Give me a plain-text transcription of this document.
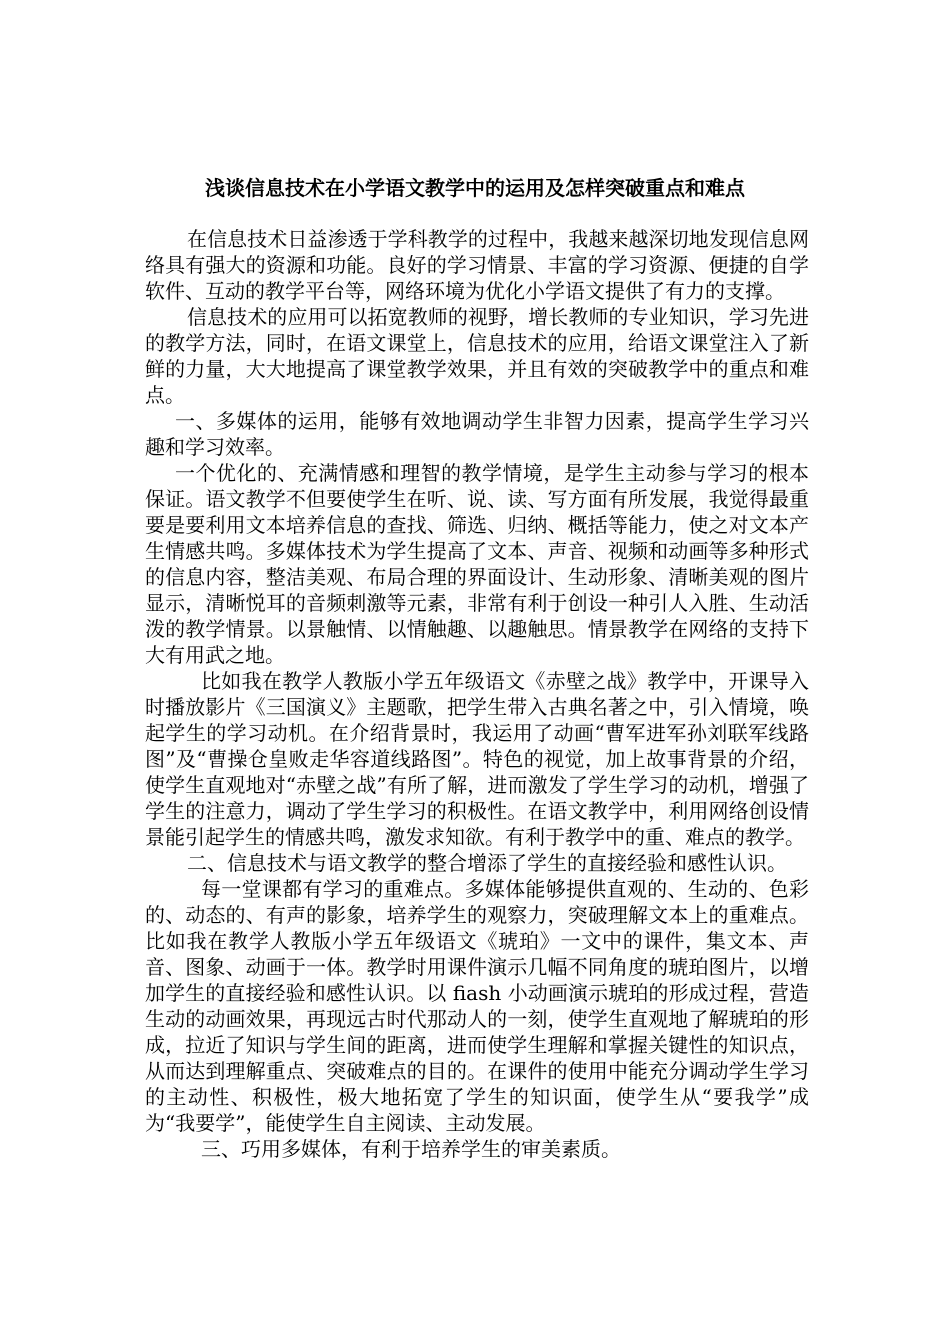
浅谈信息技术在小学语文教学中的运用及怎样突破重点和难点

在信息技术日益渗透于学科教学的过程中，我越来越深切地发现信息网络具有强大的资源和功能。良好的学习情景、丰富的学习资源、便捷的自学软件、互动的教学平台等，网络环境为优化小学语文提供了有力的支撑。

信息技术的应用可以拓宽教师的视野，增长教师的专业知识，学习先进的教学方法，同时，在语文课堂上，信息技术的应用，给语文课堂注入了新鲜的力量，大大地提高了课堂教学效果，并且有效的突破教学中的重点和难点。

一、多媒体的运用，能够有效地调动学生非智力因素，提高学生学习兴趣和学习效率。

一个优化的、充满情感和理智的教学情境，是学生主动参与学习的根本保证。语文教学不但要使学生在听、说、读、写方面有所发展，我觉得最重要是要利用文本培养信息的查找、筛选、归纳、概括等能力，使之对文本产生情感共鸣。多媒体技术为学生提高了文本、声音、视频和动画等多种形式的信息内容，整洁美观、布局合理的界面设计、生动形象、清晰美观的图片显示，清晰悦耳的音频刺激等元素，非常有利于创设一种引人入胜、生动活泼的教学情景。以景触情、以情触趣、以趣触思。情景教学在网络的支持下大有用武之地。

比如我在教学人教版小学五年级语文《赤壁之战》教学中，开课导入时播放影片《三国演义》主题歌，把学生带入古典名著之中，引入情境，唤起学生的学习动机。在介绍背景时，我运用了动画“曹军进军孙刘联军线路图”及“曹操仓皇败走华容道线路图”。特色的视觉，加上故事背景的介绍，使学生直观地对“赤壁之战”有所了解，进而激发了学生学习的动机，增强了学生的注意力，调动了学生学习的积极性。在语文教学中，利用网络创设情景能引起学生的情感共鸣，激发求知欲。有利于教学中的重、难点的教学。

二、信息技术与语文教学的整合增添了学生的直接经验和感性认识。

每一堂课都有学习的重难点。多媒体能够提供直观的、生动的、色彩的、动态的、有声的影象，培养学生的观察力，突破理解文本上的重难点。比如我在教学人教版小学五年级语文《琥珀》一文中的课件，集文本、声音、图象、动画于一体。教学时用课件演示几幅不同角度的琥珀图片，以增加学生的直接经验和感性认识。以 fiash 小动画演示琥珀的形成过程，营造生动的动画效果，再现远古时代那动人的一刻，使学生直观地了解琥珀的形成，拉近了知识与学生间的距离，进而使学生理解和掌握关键性的知识点，从而达到理解重点、突破难点的目的。在课件的使用中能充分调动学生学习的主动性、积极性，极大地拓宽了学生的知识面，使学生从“要我学”成为“我要学”，能使学生自主阅读、主动发展。

三、巧用多媒体，有利于培养学生的审美素质。
